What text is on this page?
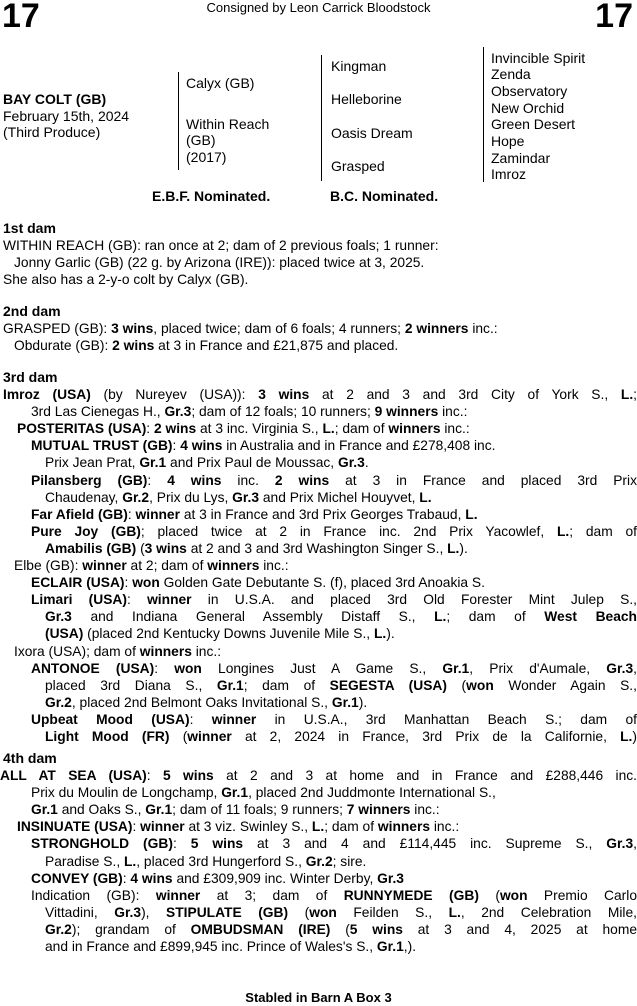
17	Consigned by Leon Carrick Bloodstock	17
BAY COLT (GB)
February 15th, 2024
(Third Produce)
Calyx (GB)
Within Reach
(GB)
(2017)
Kingman
Helleborine
Oasis Dream
Grasped
Invincible Spirit
Zenda
Observatory
New Orchid
Green Desert
Hope
Zamindar
Imroz
E.B.F. Nominated.	B.C. Nominated.
1st dam
WITHIN REACH (GB): ran once at 2; dam of 2 previous foals; 1 runner:
Jonny Garlic (GB) (22 g. by Arizona (IRE)): placed twice at 3, 2025.
She also has a 2-y-o colt by Calyx (GB).
2nd dam
GRASPED (GB): 3 wins, placed twice; dam of 6 foals; 4 runners; 2 winners inc.:
Obdurate (GB): 2 wins at 3 in France and £21,875 and placed.
3rd dam
Imroz (USA) (by Nureyev (USA)): 3 wins at 2 and 3 and 3rd City of York S., L.;
3rd Las Cienegas H., Gr.3; dam of 12 foals; 10 runners; 9 winners inc.:
POSTERITAS (USA): 2 wins at 3 inc. Virginia S., L.; dam of winners inc.:
MUTUAL TRUST (GB): 4 wins in Australia and in France and £278,408 inc.
Prix Jean Prat, Gr.1 and Prix Paul de Moussac, Gr.3.
Pilansberg (GB): 4 wins inc. 2 wins at 3 in France and placed 3rd Prix
Chaudenay, Gr.2, Prix du Lys, Gr.3 and Prix Michel Houyvet, L.
Far Afield (GB): winner at 3 in France and 3rd Prix Georges Trabaud, L.
Pure Joy (GB); placed twice at 2 in France inc. 2nd Prix Yacowlef, L.; dam of
Amabilis (GB) (3 wins at 2 and 3 and 3rd Washington Singer S., L.).
Elbe (GB): winner at 2; dam of winners inc.:
ECLAIR (USA): won Golden Gate Debutante S. (f), placed 3rd Anoakia S.
Limari (USA): winner in U.S.A. and placed 3rd Old Forester Mint Julep S.,
Gr.3 and Indiana General Assembly Distaff S., L.; dam of West Beach
(USA) (placed 2nd Kentucky Downs Juvenile Mile S., L.).
Ixora (USA); dam of winners inc.:
ANTONOE (USA): won Longines Just A Game S., Gr.1, Prix d'Aumale, Gr.3,
placed 3rd Diana S., Gr.1; dam of SEGESTA (USA) (won Wonder Again S.,
Gr.2, placed 2nd Belmont Oaks Invitational S., Gr.1).
Upbeat Mood (USA): winner in U.S.A., 3rd Manhattan Beach S.; dam of
Light Mood (FR) (winner at 2, 2024 in France, 3rd Prix de la Californie, L.)
4th dam
ALL AT SEA (USA): 5 wins at 2 and 3 at home and in France and £288,446 inc.
Prix du Moulin de Longchamp, Gr.1, placed 2nd Juddmonte International S.,
Gr.1 and Oaks S., Gr.1; dam of 11 foals; 9 runners; 7 winners inc.:
INSINUATE (USA): winner at 3 viz. Swinley S., L.; dam of winners inc.:
STRONGHOLD (GB): 5 wins at 3 and 4 and £114,445 inc. Supreme S., Gr.3,
Paradise S., L., placed 3rd Hungerford S., Gr.2; sire.
CONVEY (GB): 4 wins and £309,909 inc. Winter Derby, Gr.3
Indication (GB): winner at 3; dam of RUNNYMEDE (GB) (won Premio Carlo
Vittadini, Gr.3), STIPULATE (GB) (won Feilden S., L., 2nd Celebration Mile,
Gr.2); grandam of OMBUDSMAN (IRE) (5 wins at 3 and 4, 2025 at home
and in France and £899,945 inc. Prince of Wales's S., Gr.1,).
Stabled in Barn A Box 3
